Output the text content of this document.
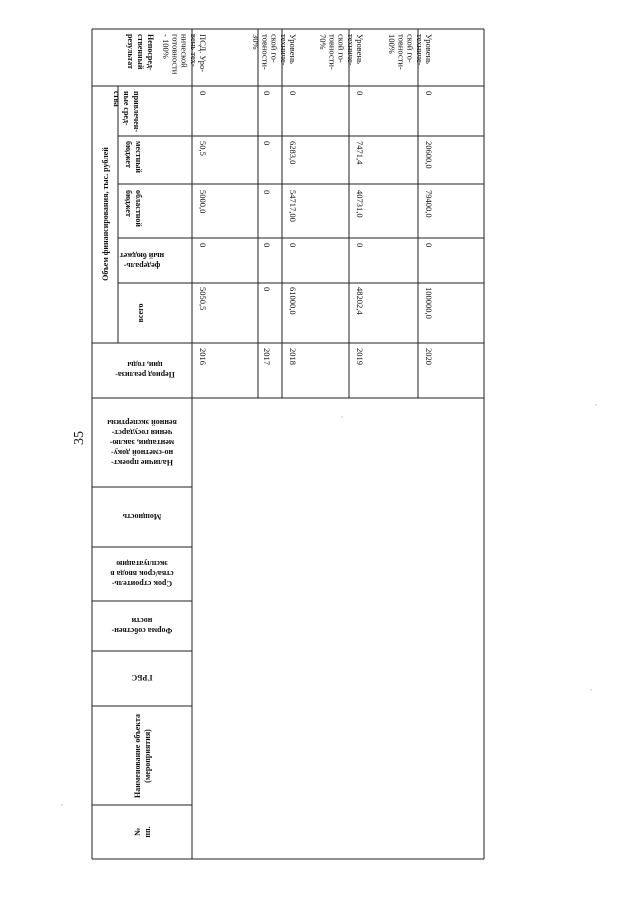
35
Объем финансирования, тыс. рублей
Непосред-
ственный
результат
привлечен-
ные сред-
ства
местный
бюджет
областной
бюджет
федераль-
ный бюджет
всего
Период реализа-
ции, годы
Наличие проект-
но-сметной доку-
ментации, заклю-
чения государст-
венной экспертизы
Мощность
Срок строитель-
ства/срок ввода в
эксплуатацию
Форма собствен-
ности
ГРБС
Наименование объекта (мероприятия)
№ пп.
0
50,5
5000,0
0
5050,5
2016
ПСД. Уро-
вень тех-
нической
готовности
- 100%
0
0
0
0
0
2017
0
6283,0
54717,00
0
61000,0
2018
Уровень
техниче-
ской го-
товности-
30%
0
7471,4
40731,0
0
48202,4
2019
Уровень
техниче-
ской го-
товности-
70%
0
20600,0
79400,0
0
100000,0
2020
Уровень
техниче-
ской го-
товности-
100%
